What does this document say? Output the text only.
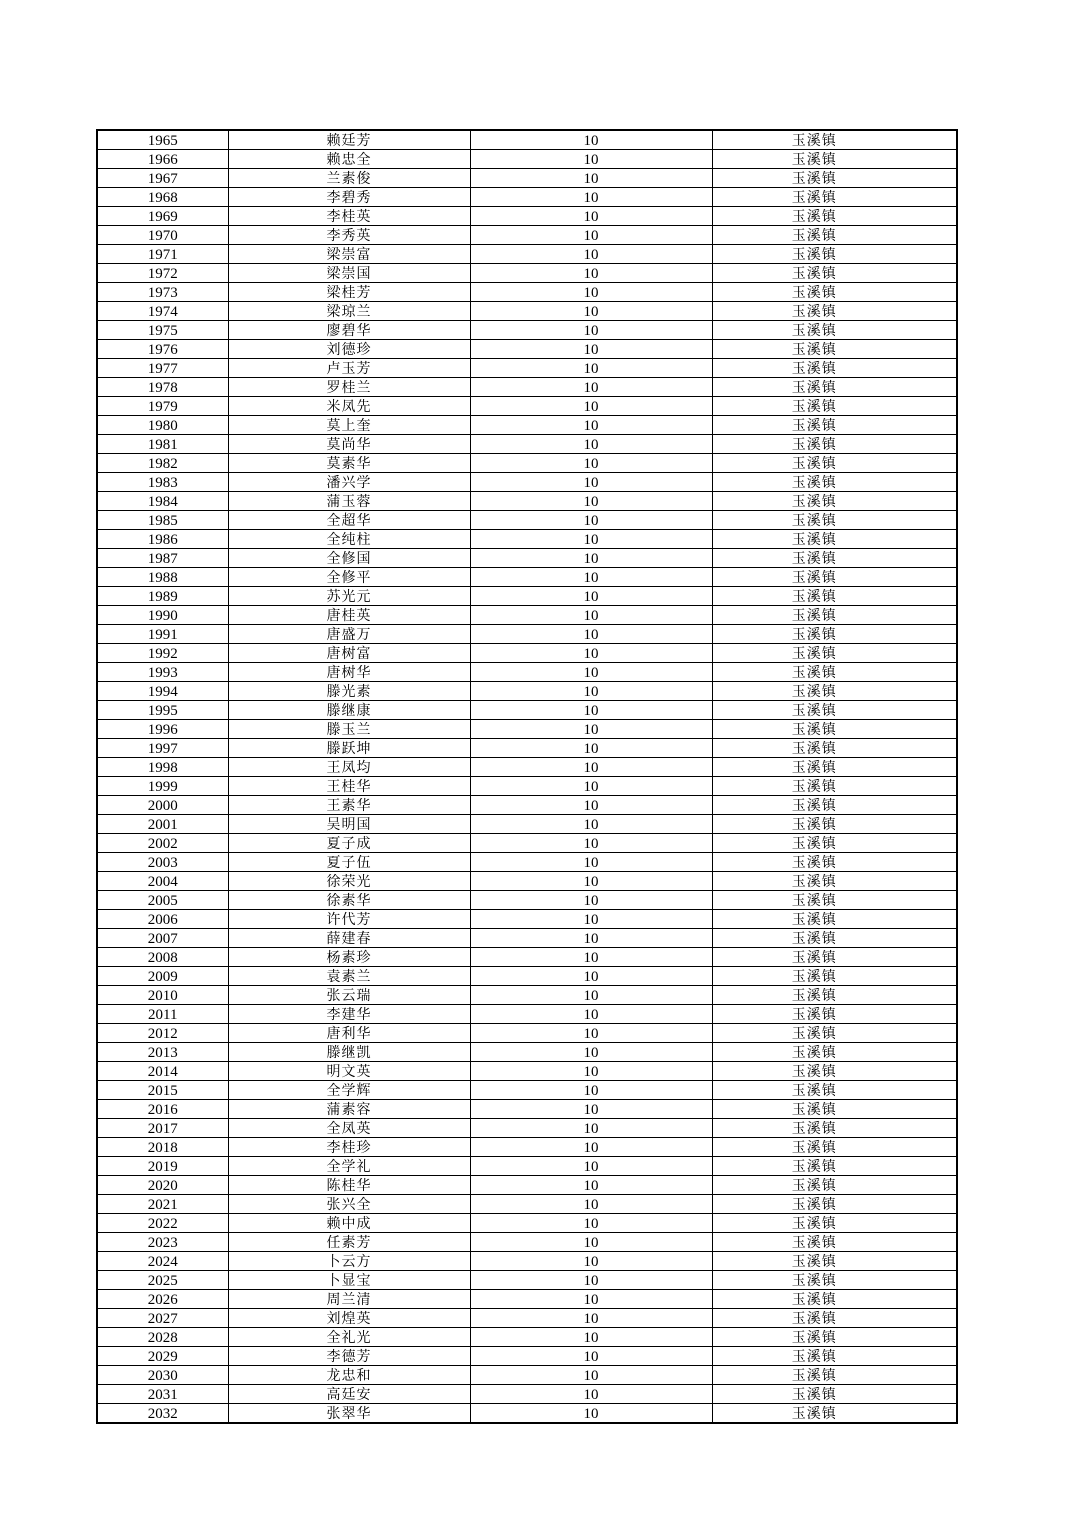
1965	赖廷芳	10	玉溪镇
1966	赖忠全	10	玉溪镇
1967	兰素俊	10	玉溪镇
1968	李碧秀	10	玉溪镇
1969	李桂英	10	玉溪镇
1970	李秀英	10	玉溪镇
1971	梁崇富	10	玉溪镇
1972	梁崇国	10	玉溪镇
1973	梁桂芳	10	玉溪镇
1974	梁琼兰	10	玉溪镇
1975	廖碧华	10	玉溪镇
1976	刘德珍	10	玉溪镇
1977	卢玉芳	10	玉溪镇
1978	罗桂兰	10	玉溪镇
1979	米凤先	10	玉溪镇
1980	莫上奎	10	玉溪镇
1981	莫尚华	10	玉溪镇
1982	莫素华	10	玉溪镇
1983	潘兴学	10	玉溪镇
1984	蒲玉蓉	10	玉溪镇
1985	全超华	10	玉溪镇
1986	全纯柱	10	玉溪镇
1987	全修国	10	玉溪镇
1988	全修平	10	玉溪镇
1989	苏光元	10	玉溪镇
1990	唐桂英	10	玉溪镇
1991	唐盛万	10	玉溪镇
1992	唐树富	10	玉溪镇
1993	唐树华	10	玉溪镇
1994	滕光素	10	玉溪镇
1995	滕继康	10	玉溪镇
1996	滕玉兰	10	玉溪镇
1997	滕跃坤	10	玉溪镇
1998	王凤均	10	玉溪镇
1999	王桂华	10	玉溪镇
2000	王素华	10	玉溪镇
2001	吴明国	10	玉溪镇
2002	夏子成	10	玉溪镇
2003	夏子伍	10	玉溪镇
2004	徐荣光	10	玉溪镇
2005	徐素华	10	玉溪镇
2006	许代芳	10	玉溪镇
2007	薛建春	10	玉溪镇
2008	杨素珍	10	玉溪镇
2009	袁素兰	10	玉溪镇
2010	张云瑞	10	玉溪镇
2011	李建华	10	玉溪镇
2012	唐利华	10	玉溪镇
2013	滕继凯	10	玉溪镇
2014	明文英	10	玉溪镇
2015	全学辉	10	玉溪镇
2016	蒲素容	10	玉溪镇
2017	全凤英	10	玉溪镇
2018	李桂珍	10	玉溪镇
2019	全学礼	10	玉溪镇
2020	陈桂华	10	玉溪镇
2021	张兴全	10	玉溪镇
2022	赖中成	10	玉溪镇
2023	任素芳	10	玉溪镇
2024	卜云方	10	玉溪镇
2025	卜显宝	10	玉溪镇
2026	周兰清	10	玉溪镇
2027	刘煌英	10	玉溪镇
2028	全礼光	10	玉溪镇
2029	李德芳	10	玉溪镇
2030	龙忠和	10	玉溪镇
2031	高廷安	10	玉溪镇
2032	张翠华	10	玉溪镇
